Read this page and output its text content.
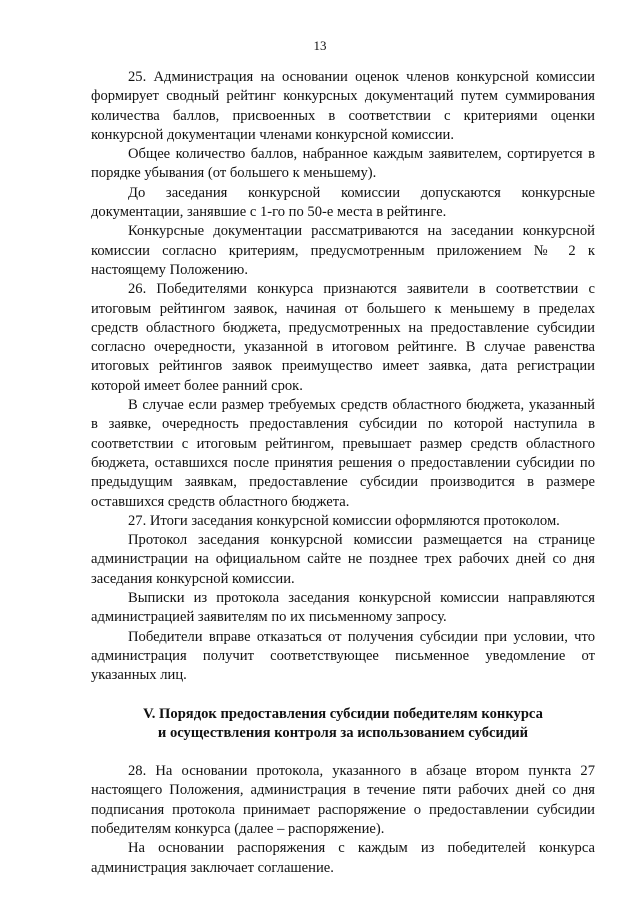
13

25. Администрация на основании оценок членов конкурсной комиссии формирует сводный рейтинг конкурсных документаций путем суммирования количества баллов, присвоенных в соответствии с критериями оценки конкурсной документации членами конкурсной комиссии.

Общее количество баллов, набранное каждым заявителем, сортируется в порядке убывания (от большего к меньшему).

До заседания конкурсной комиссии допускаются конкурсные документации, занявшие с 1-го по 50-е места в рейтинге.

Конкурсные документации рассматриваются на заседании конкурсной комиссии согласно критериям, предусмотренным приложением № 2 к настоящему Положению.

26. Победителями конкурса признаются заявители в соответствии с итоговым рейтингом заявок, начиная от большего к меньшему в пределах средств областного бюджета, предусмотренных на предоставление субсидии согласно очередности, указанной в итоговом рейтинге. В случае равенства итоговых рейтингов заявок преимущество имеет заявка, дата регистрации которой имеет более ранний срок.

В случае если размер требуемых средств областного бюджета, указанный в заявке, очередность предоставления субсидии по которой наступила в соответствии с итоговым рейтингом, превышает размер средств областного бюджета, оставшихся после принятия решения о предоставлении субсидии по предыдущим заявкам, предоставление субсидии производится в размере оставшихся средств областного бюджета.

27. Итоги заседания конкурсной комиссии оформляются протоколом.

Протокол заседания конкурсной комиссии размещается на странице администрации на официальном сайте не позднее трех рабочих дней со дня заседания конкурсной комиссии.

Выписки из протокола заседания конкурсной комиссии направляются администрацией заявителям по их письменному запросу.

Победители вправе отказаться от получения субсидии при условии, что администрация получит соответствующее письменное уведомление от указанных лиц.

V. Порядок предоставления субсидии победителям конкурса
и осуществления контроля за использованием субсидий

28. На основании протокола, указанного в абзаце втором пункта 27 настоящего Положения, администрация в течение пяти рабочих дней со дня подписания протокола принимает распоряжение о предоставлении субсидии победителям конкурса (далее – распоряжение).

На основании распоряжения с каждым из победителей конкурса администрация заключает соглашение.
